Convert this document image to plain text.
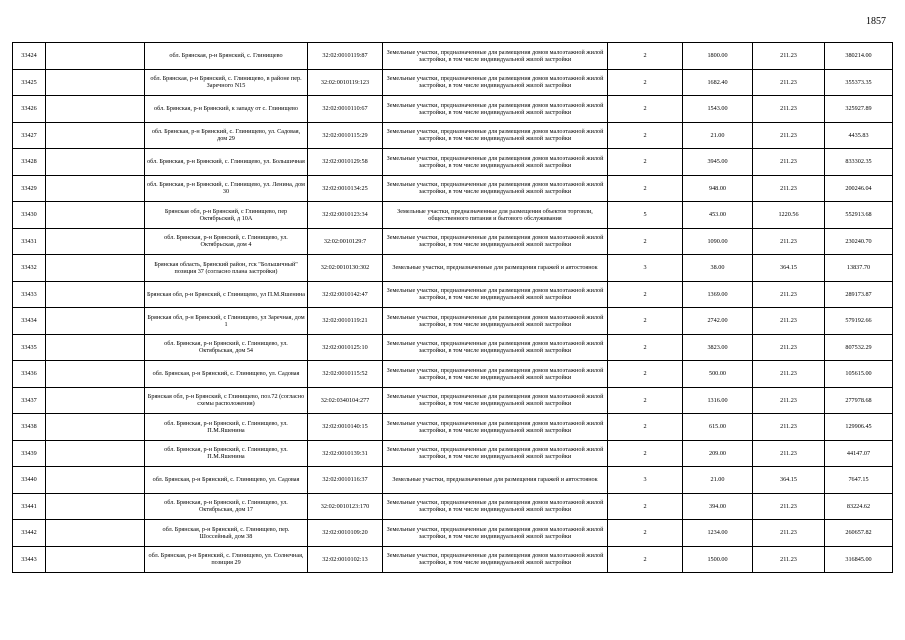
1857
33424		обл. Брянская, р-н Брянский, с. Глинищево	32:02:0010119:87	Земельные участки, предназначенные для размещения домов малоэтажной жилой застройки, в том числе индивидуальной жилой застройки	2	1800.00	211.23	380214.00
33425		обл. Брянская, р-н Брянский, с. Глинищево, в районе пер. Заречного N15	32:02:0010119:123	Земельные участки, предназначенные для размещения домов малоэтажной жилой застройки, в том числе индивидуальной жилой застройки	2	1682.40	211.23	355373.35
33426		обл. Брянская, р-н Брянский, к западу от с. Глинищево	32:02:0010110:67	Земельные участки, предназначенные для размещения домов малоэтажной жилой застройки, в том числе индивидуальной жилой застройки	2	1543.00	211.23	325927.89
33427		обл. Брянская, р-н Брянский, с. Глинищево, ул. Садовая, дом 29	32:02:0010115:29	Земельные участки, предназначенные для размещения домов малоэтажной жилой застройки, в том числе индивидуальной жилой застройки	2	21.00	211.23	4435.83
33428		обл. Брянская, р-н Брянский, с. Глинищево, ул. Большичная	32:02:0010129:58	Земельные участки, предназначенные для размещения домов малоэтажной жилой застройки, в том числе индивидуальной жилой застройки	2	3945.00	211.23	833302.35
33429		обл. Брянская, р-н Брянский, с. Глинищево, ул. Ленина, дом 30	32:02:0010134:25	Земельные участки, предназначенные для размещения домов малоэтажной жилой застройки, в том числе индивидуальной жилой застройки	2	948.00	211.23	200246.04
33430		Брянская обл, р-н Брянский, с Глинищево, пер Октябрьский, д 10А	32:02:0010123:34	Земельные участки, предназначенные для размещения объектов торговли, общественного питания и бытового обслуживания	5	453.00	1220.56	552913.68
33431		обл. Брянская, р-н Брянский, с. Глинищево, ул. Октябрьская, дом 4	32:02:0010129:7	Земельные участки, предназначенные для размещения домов малоэтажной жилой застройки, в том числе индивидуальной жилой застройки	2	1090.00	211.23	230240.70
33432		Брянская область, Брянский район, гск "Большичный" позиция 37 (согласно плана застройки)	32:02:0010130:302	Земельные участки, предназначенные для размещения гаражей и автостоянок	3	38.00	364.15	13837.70
33433		Брянская обл, р-н Брянский, с Глинищево, ул П.М.Яшенина	32:02:0010142:47	Земельные участки, предназначенные для размещения домов малоэтажной жилой застройки, в том числе индивидуальной жилой застройки	2	1369.00	211.23	289173.87
33434		Брянская обл, р-н Брянский, с Глинищево, ул Заречная, дом 1	32:02:0010119:21	Земельные участки, предназначенные для размещения домов малоэтажной жилой застройки, в том числе индивидуальной жилой застройки	2	2742.00	211.23	579192.66
33435		обл. Брянская, р-н Брянский, с. Глинищево, ул. Октябрьская, дом 54	32:02:0010125:10	Земельные участки, предназначенные для размещения домов малоэтажной жилой застройки, в том числе индивидуальной жилой застройки	2	3823.00	211.23	807532.29
33436		обл. Брянская, р-н Брянский, с. Глинищево, ул. Садовая	32:02:0010115:52	Земельные участки, предназначенные для размещения домов малоэтажной жилой застройки, в том числе индивидуальной жилой застройки	2	500.00	211.23	105615.00
33437		Брянская обл, р-н Брянский, с Глинищево, поз.72 (согласно схемы расположения)	32:02:0340104:277	Земельные участки, предназначенные для размещения домов малоэтажной жилой застройки, в том числе индивидуальной жилой застройки	2	1316.00	211.23	277978.68
33438		обл. Брянская, р-н Брянский, с. Глинищево, ул. П.М.Яшенина	32:02:0010140:15	Земельные участки, предназначенные для размещения домов малоэтажной жилой застройки, в том числе индивидуальной жилой застройки	2	615.00	211.23	129906.45
33439		обл. Брянская, р-н Брянский, с. Глинищево, ул. П.М.Яшенина	32:02:0010139:31	Земельные участки, предназначенные для размещения домов малоэтажной жилой застройки, в том числе индивидуальной жилой застройки	2	209.00	211.23	44147.07
33440		обл. Брянская, р-н Брянский, с. Глинищево, ул. Садовая	32:02:0010116:37	Земельные участки, предназначенные для размещения гаражей и автостоянок	3	21.00	364.15	7647.15
33441		обл. Брянская, р-н Брянский, с. Глинищево, ул. Октябрьская, дом 17	32:02:0010123:170	Земельные участки, предназначенные для размещения домов малоэтажной жилой застройки, в том числе индивидуальной жилой застройки	2	394.00	211.23	83224.62
33442		обл. Брянская, р-н Брянский, с. Глинищево, пер. Шоссейный, дом 38	32:02:0010109:20	Земельные участки, предназначенные для размещения домов малоэтажной жилой застройки, в том числе индивидуальной жилой застройки	2	1234.00	211.23	260657.82
33443		обл. Брянская, р-н Брянский, с. Глинищево, ул. Солнечная, позиция 29	32:02:0010102:13	Земельные участки, предназначенные для размещения домов малоэтажной жилой застройки, в том числе индивидуальной жилой застройки	2	1500.00	211.23	316845.00
